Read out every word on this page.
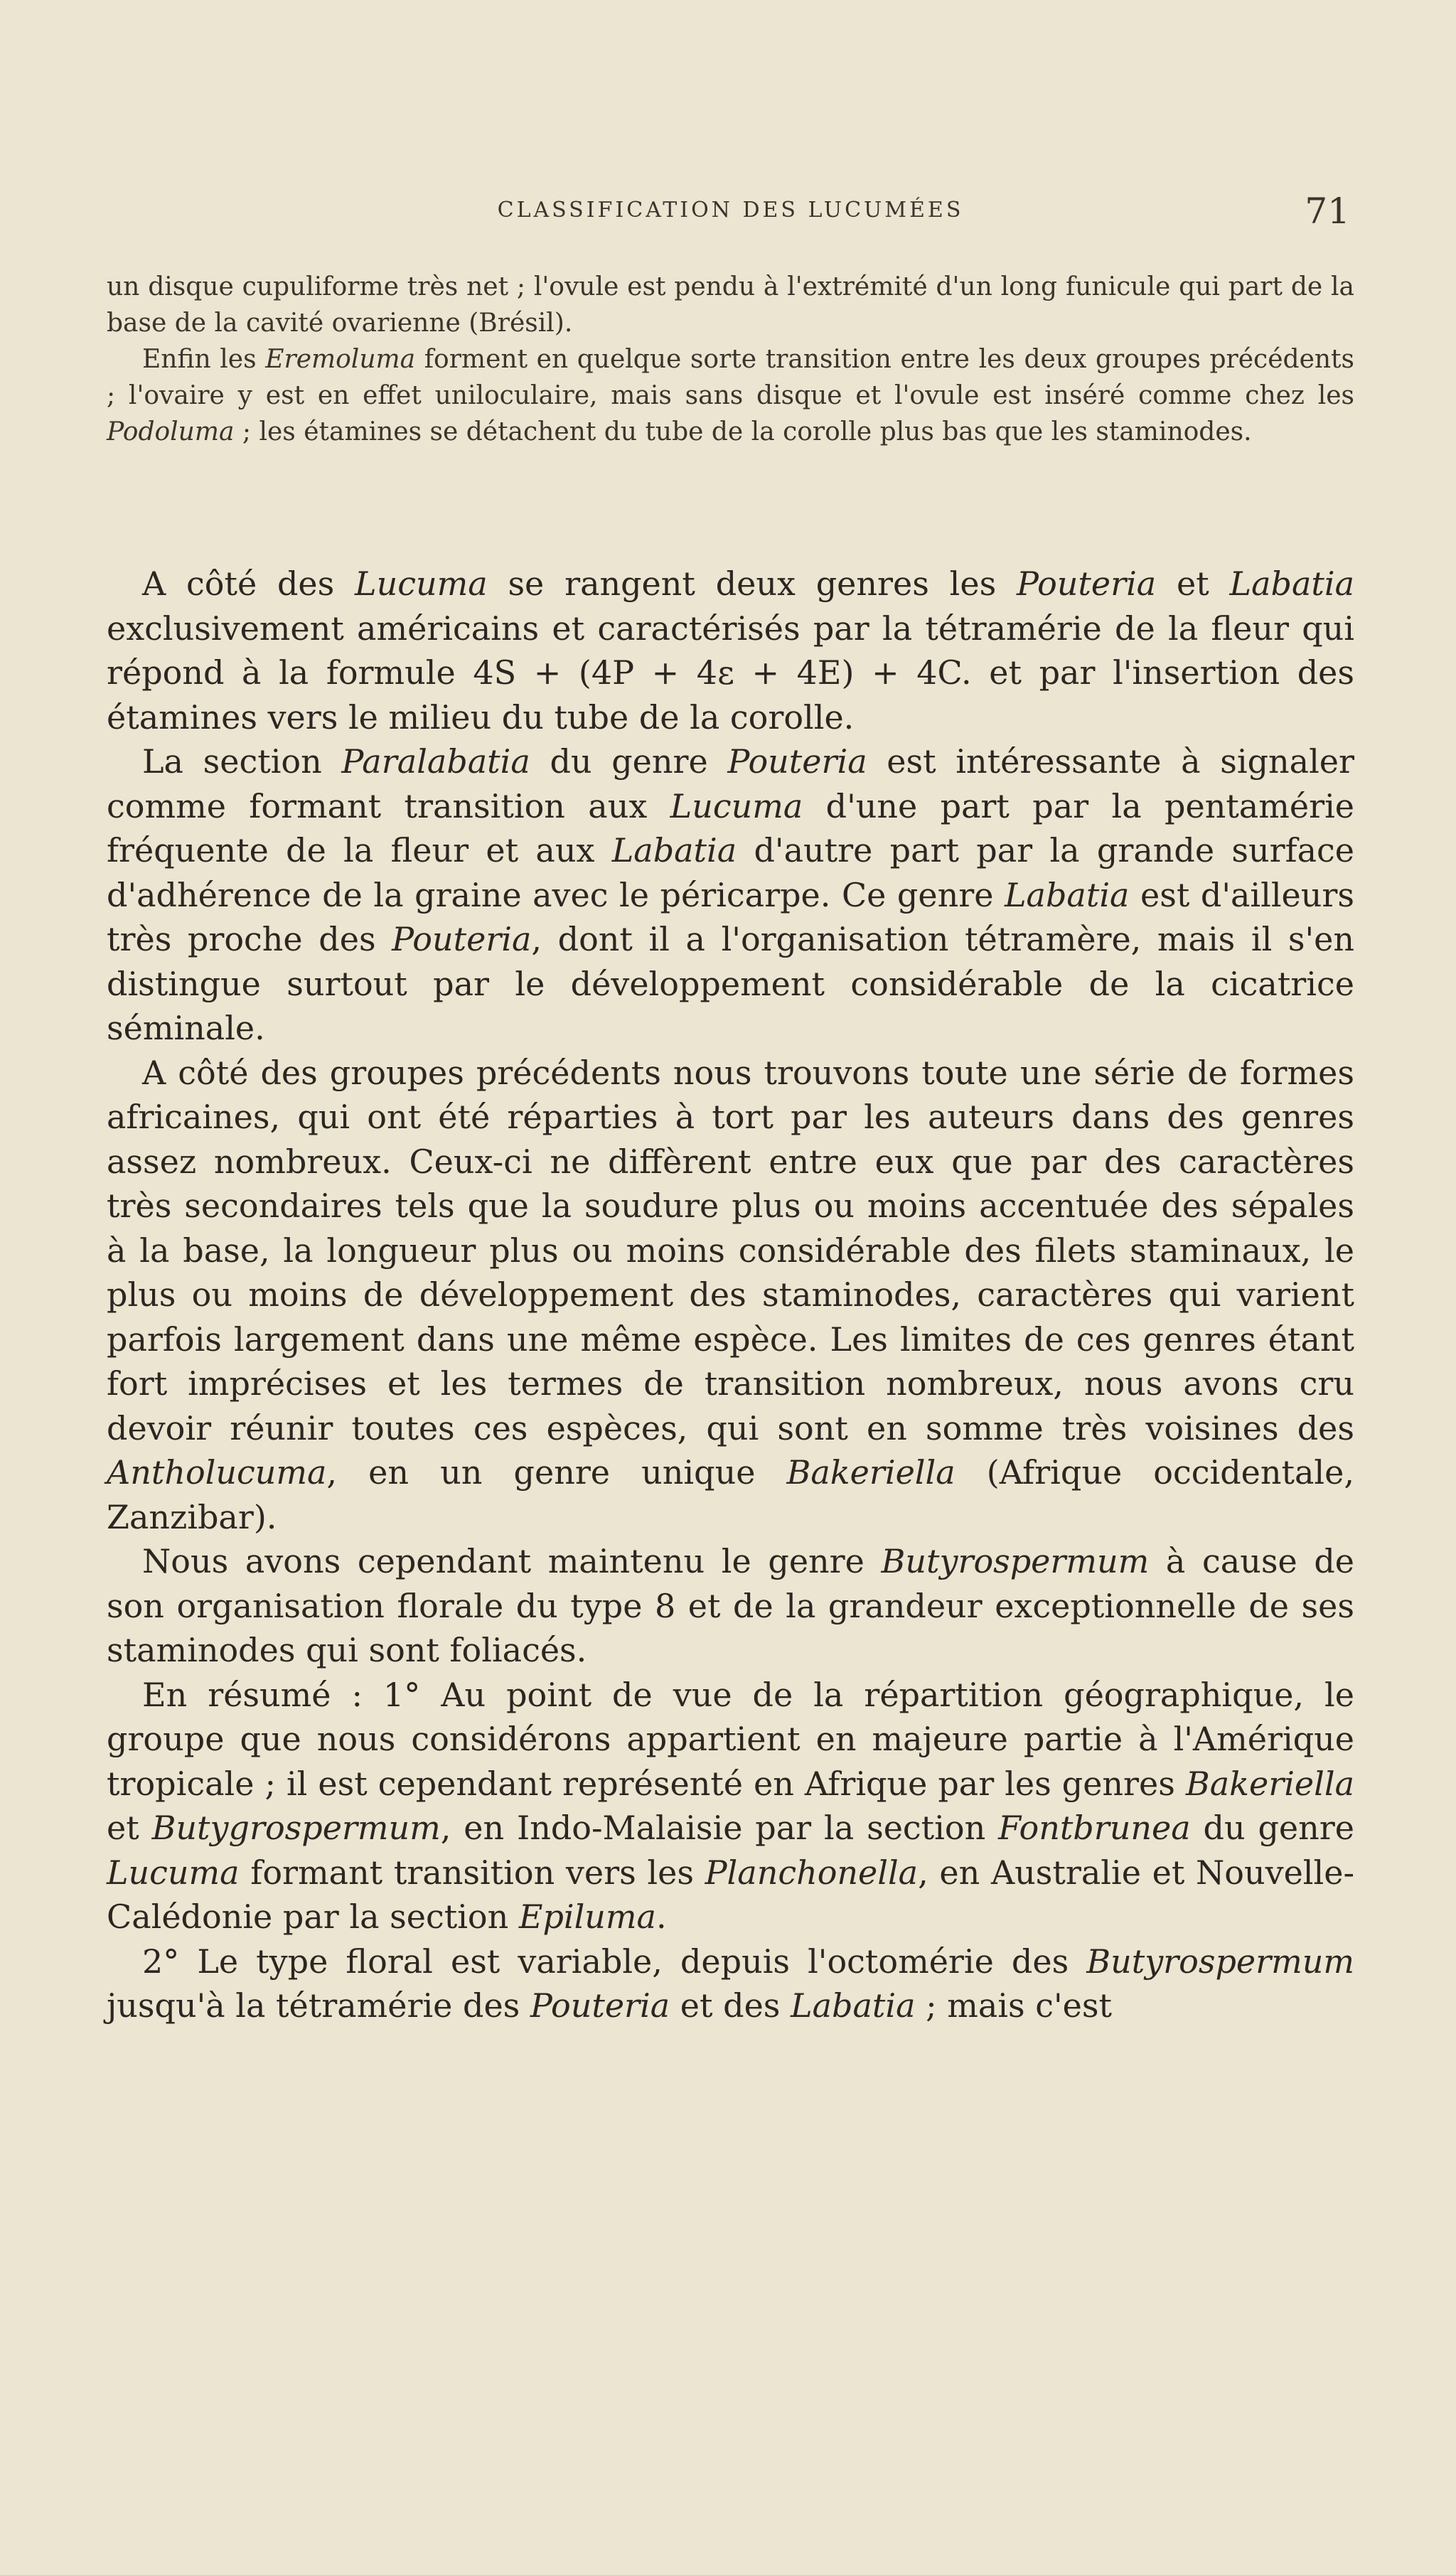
CLASSIFICATION DES LUCUMÉES	71

un disque cupuliforme très net ; l'ovule est pendu à l'extrémité d'un long funicule qui part de la base de la cavité ovarienne (Brésil).

Enfin les Eremoluma forment en quelque sorte transition entre les deux groupes précédents ; l'ovaire y est en effet uniloculaire, mais sans disque et l'ovule est inséré comme chez les Podoluma ; les étamines se détachent du tube de la corolle plus bas que les staminodes.

A côté des Lucuma se rangent deux genres les Pouteria et Labatia exclusivement américains et caractérisés par la tétramérie de la fleur qui répond à la formule 4S + (4P + 4ε + 4E) + 4C. et par l'insertion des étamines vers le milieu du tube de la corolle.

La section Paralabatia du genre Pouteria est intéressante à signaler comme formant transition aux Lucuma d'une part par la pentamérie fréquente de la fleur et aux Labatia d'autre part par la grande surface d'adhérence de la graine avec le péricarpe. Ce genre Labatia est d'ailleurs très proche des Pouteria, dont il a l'organisation tétramère, mais il s'en distingue surtout par le développement considérable de la cicatrice séminale.

A côté des groupes précédents nous trouvons toute une série de formes africaines, qui ont été réparties à tort par les auteurs dans des genres assez nombreux. Ceux-ci ne diffèrent entre eux que par des caractères très secondaires tels que la soudure plus ou moins accentuée des sépales à la base, la longueur plus ou moins considérable des filets staminaux, le plus ou moins de développement des staminodes, caractères qui varient parfois largement dans une même espèce. Les limites de ces genres étant fort imprécises et les termes de transition nombreux, nous avons cru devoir réunir toutes ces espèces, qui sont en somme très voisines des Antholucuma, en un genre unique Bakeriella (Afrique occidentale, Zanzibar).

Nous avons cependant maintenu le genre Butyrospermum à cause de son organisation florale du type 8 et de la grandeur exceptionnelle de ses staminodes qui sont foliacés.

En résumé : 1° Au point de vue de la répartition géographique, le groupe que nous considérons appartient en majeure partie à l'Amérique tropicale ; il est cependant représenté en Afrique par les genres Bakeriella et Butygrospermum, en Indo-Malaisie par la section Fontbrunea du genre Lucuma formant transition vers les Planchonella, en Australie et Nouvelle-Calédonie par la section Epiluma.

2° Le type floral est variable, depuis l'octomérie des Butyrospermum jusqu'à la tétramérie des Pouteria et des Labatia ; mais c'est
